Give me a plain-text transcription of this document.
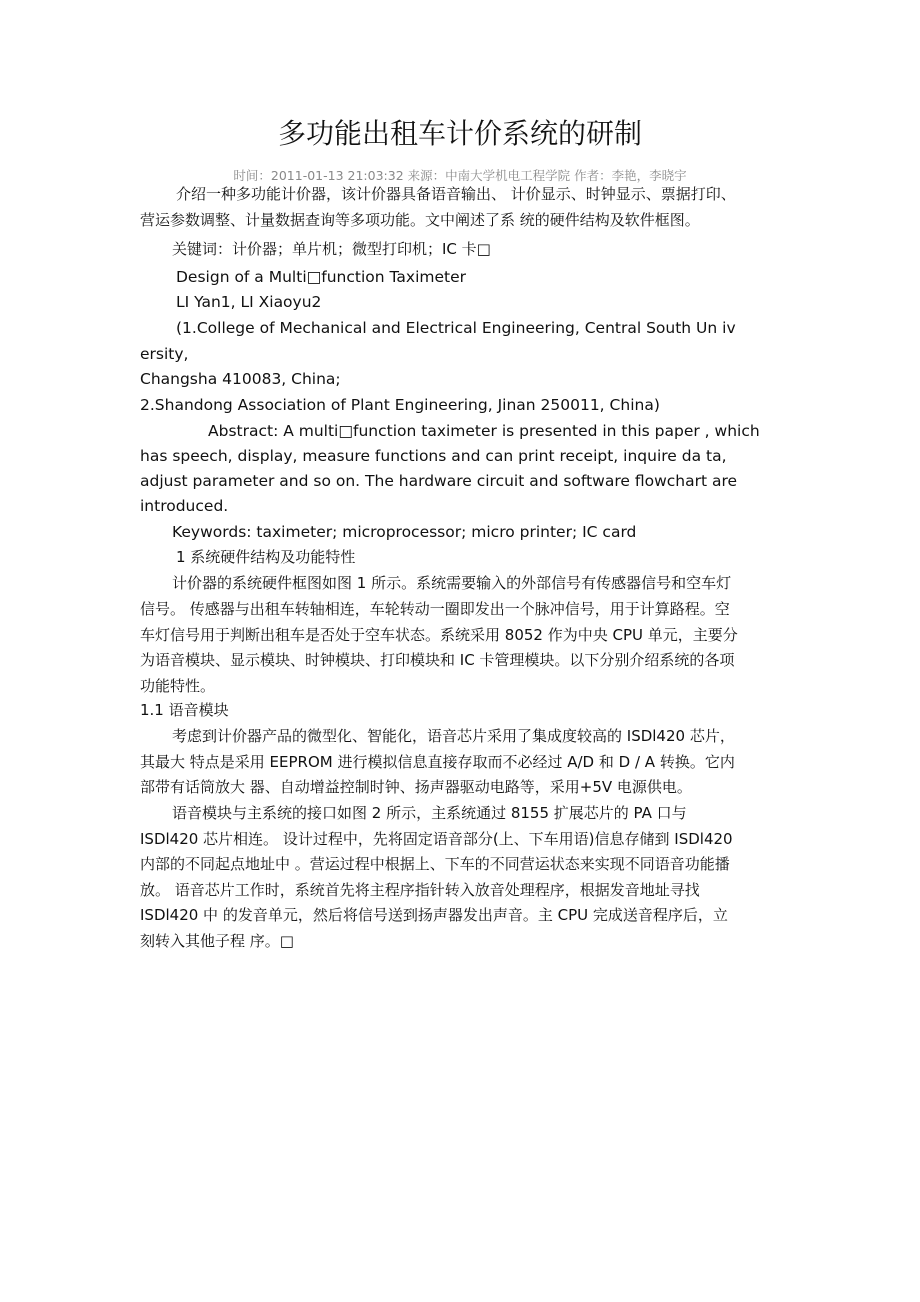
多功能出租车计价系统的研制
时间：2011-01-13 21:03:32 来源：中南大学机电工程学院 作者：李艳，李晓宇
介绍一种多功能计价器，该计价器具备语音输出、 计价显示、时钟显示、票据打印、
营运参数调整、计量数据查询等多项功能。文中阐述了系 统的硬件结构及软件框图。
关键词：计价器；单片机；微型打印机；IC 卡□
Design of a Multi□function Taximeter
LI Yan1, LI Xiaoyu2
(1.College of Mechanical and Electrical Engineering, Central South Un iv
ersity,
Changsha 410083, China;
2.Shandong Association of Plant Engineering, Jinan 250011, China)
Abstract: A multi□function taximeter is presented in this paper , which
has speech, display, measure functions and can print receipt, inquire da ta,
adjust parameter and so on. The hardware circuit and software flowchart are
introduced.
Keywords: taximeter; microprocessor; micro printer; IC card
1 系统硬件结构及功能特性
计价器的系统硬件框图如图 1 所示。系统需要输入的外部信号有传感器信号和空车灯
信号。 传感器与出租车转轴相连，车轮转动一圈即发出一个脉冲信号，用于计算路程。空
车灯信号用于判断出租车是否处于空车状态。系统采用 8052 作为中央 CPU 单元，主要分
为语音模块、显示模块、时钟模块、打印模块和 IC 卡管理模块。以下分别介绍系统的各项
功能特性。
1.1 语音模块
考虑到计价器产品的微型化、智能化，语音芯片采用了集成度较高的 ISDl420 芯片，
其最大 特点是采用 EEPROM 进行模拟信息直接存取而不必经过 A/D 和 D / A 转换。它内
部带有话筒放大 器、自动增益控制时钟、扬声器驱动电路等，采用+5V 电源供电。
语音模块与主系统的接口如图 2 所示，主系统通过 8155 扩展芯片的 PA 口与
ISDl420 芯片相连。 设计过程中，先将固定语音部分(上、下车用语)信息存储到 ISDl420
内部的不同起点地址中 。营运过程中根据上、下车的不同营运状态来实现不同语音功能播
放。 语音芯片工作时，系统首先将主程序指针转入放音处理程序，根据发音地址寻找
ISDl420 中 的发音单元，然后将信号送到扬声器发出声音。主 CPU 完成送音程序后，立
刻转入其他子程 序。□
